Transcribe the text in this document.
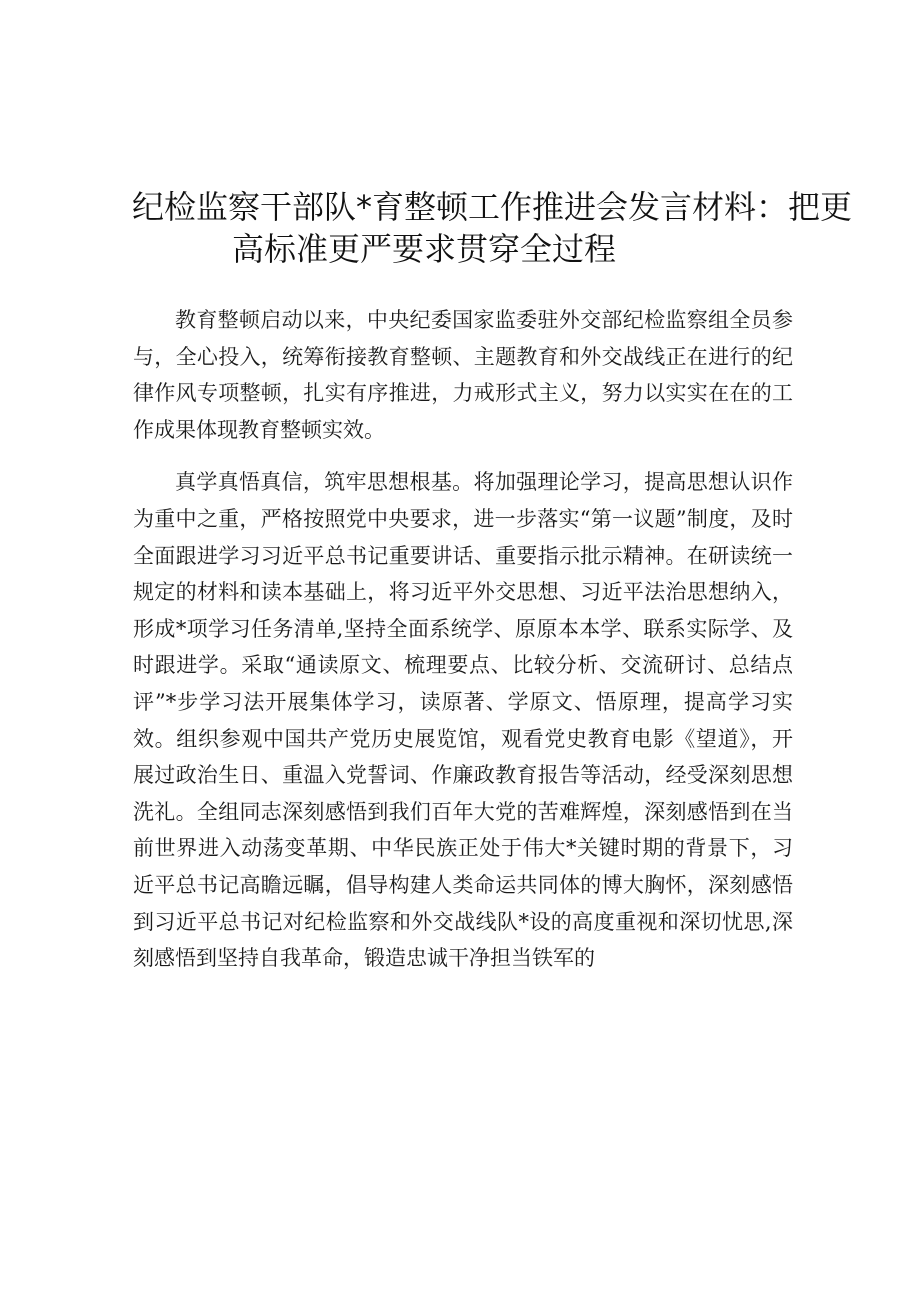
纪检监察干部队*育整顿工作推进会发言材料：把更
高标准更严要求贯穿全过程

教育整顿启动以来，中央纪委国家监委驻外交部纪检监察组全员参与，全心投入，统筹衔接教育整顿、主题教育和外交战线正在进行的纪律作风专项整顿，扎实有序推进，力戒形式主义，努力以实实在在的工作成果体现教育整顿实效。

真学真悟真信，筑牢思想根基。将加强理论学习，提高思想认识作为重中之重，严格按照党中央要求，进一步落实“第一议题”制度，及时全面跟进学习习近平总书记重要讲话、重要指示批示精神。在研读统一规定的材料和读本基础上，将习近平外交思想、习近平法治思想纳入，形成*项学习任务清单,坚持全面系统学、原原本本学、联系实际学、及时跟进学。采取“通读原文、梳理要点、比较分析、交流研讨、总结点评”*步学习法开展集体学习，读原著、学原文、悟原理，提高学习实效。组织参观中国共产党历史展览馆，观看党史教育电影《望道》，开展过政治生日、重温入党誓词、作廉政教育报告等活动，经受深刻思想洗礼。全组同志深刻感悟到我们百年大党的苦难辉煌，深刻感悟到在当前世界进入动荡变革期、中华民族正处于伟大*关键时期的背景下，习近平总书记高瞻远瞩，倡导构建人类命运共同体的博大胸怀，深刻感悟到习近平总书记对纪检监察和外交战线队*设的高度重视和深切忧思,深刻感悟到坚持自我革命，锻造忠诚干净担当铁军的
